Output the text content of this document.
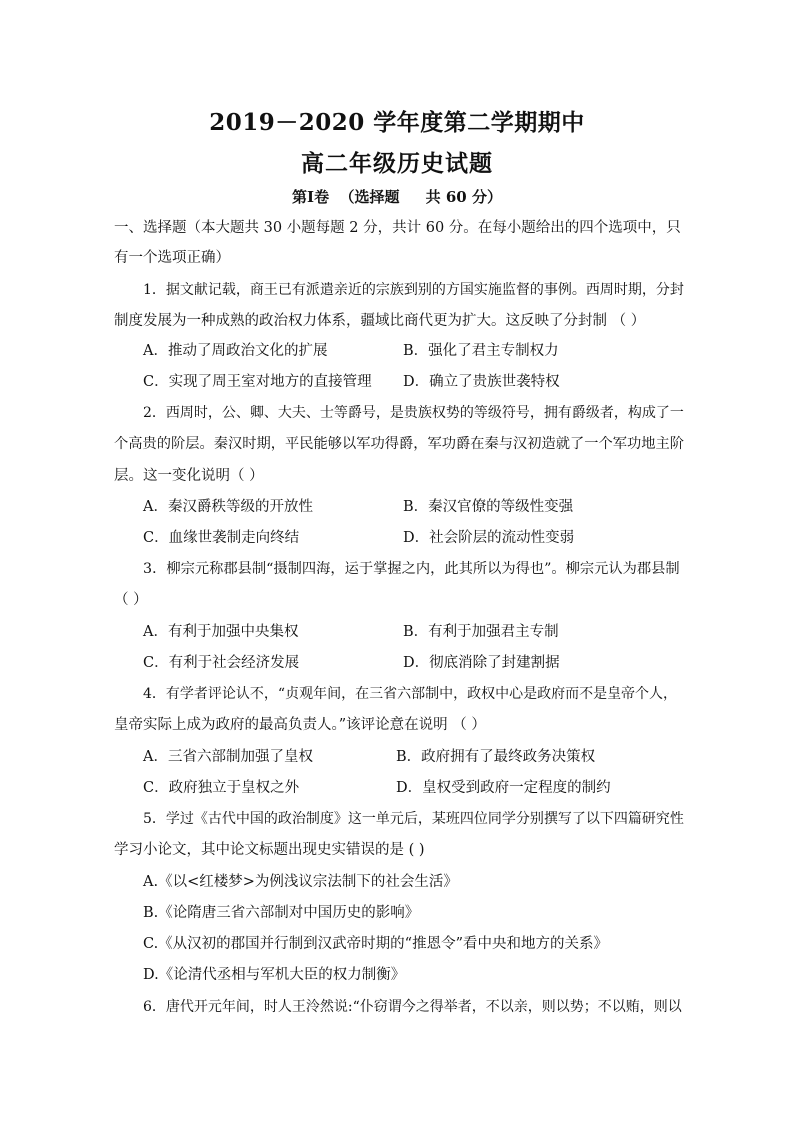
2019－2020 学年度第二学期期中
高二年级历史试题
第Ⅰ卷  （选择题     共 60 分）
一、选择题（本大题共 30 小题每题 2 分，共计 60 分。在每小题给出的四个选项中，只
有一个选项正确）
1．据文献记载，商王已有派遣亲近的宗族到别的方国实施监督的事例。西周时期，分封
制度发展为一种成熟的政治权力体系，疆域比商代更为扩大。这反映了分封制 （ ）
A．推动了周政治文化的扩展	B．强化了君主专制权力
C．实现了周王室对地方的直接管理 D．确立了贵族世袭特权
2．西周时，公、卿、大夫、士等爵号，是贵族权势的等级符号，拥有爵级者，构成了一
个高贵的阶层。秦汉时期，平民能够以军功得爵，军功爵在秦与汉初造就了一个军功地主阶
层。这一变化说明（ ）
A．秦汉爵秩等级的开放性	B．秦汉官僚的等级性变强
C．血缘世袭制走向终结	D．社会阶层的流动性变弱
3．柳宗元称郡县制“摄制四海，运于掌握之内，此其所以为得也”。柳宗元认为郡县制
（ ）
A．有利于加强中央集权	B．有利于加强君主专制
C．有利于社会经济发展	D．彻底消除了封建割据
4．有学者评论认不，“贞观年间，在三省六部制中，政权中心是政府而不是皇帝个人，
皇帝实际上成为政府的最高负责人。”该评论意在说明 （ ）
A．三省六部制加强了皇权	B．政府拥有了最终政务决策权
C．政府独立于皇权之外	D．皇权受到政府一定程度的制约
5．学过《古代中国的政治制度》这一单元后，某班四位同学分别撰写了以下四篇研究性
学习小论文，其中论文标题出现史实错误的是 ( )
A.《以<红楼梦>为例浅议宗法制下的社会生活》
B.《论隋唐三省六部制对中国历史的影响》
C.《从汉初的郡国并行制到汉武帝时期的“推恩令”看中央和地方的关系》
D.《论清代丞相与军机大臣的权力制衡》
6．唐代开元年间，时人王泠然说:“仆窃谓今之得举者，不以亲，则以势；不以贿，则以
